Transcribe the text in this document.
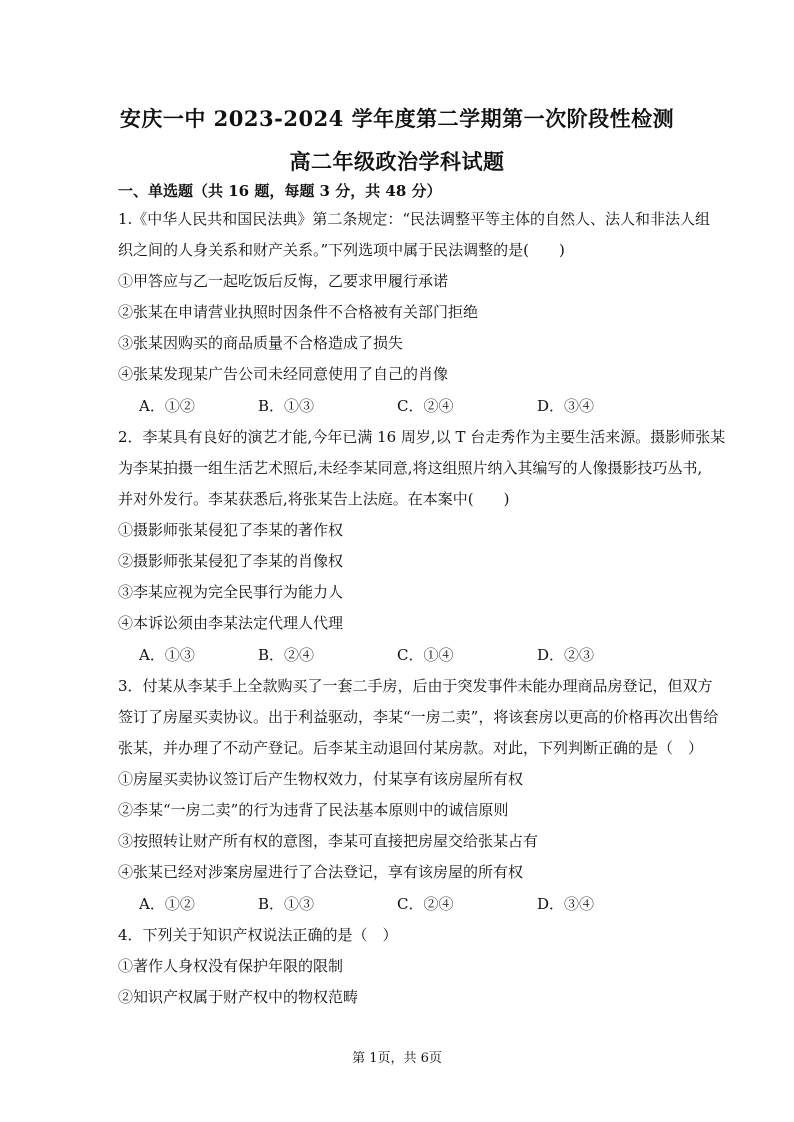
安庆一中 2023-2024 学年度第二学期第一次阶段性检测
高二年级政治学科试题
一、单选题（共 16 题，每题 3 分，共 48 分）
1.《中华人民共和国民法典》第二条规定：“民法调整平等主体的自然人、法人和非法人组
织之间的人身关系和财产关系。”下列选项中属于民法调整的是(　　)
①甲答应与乙一起吃饭后反悔，乙要求甲履行承诺
②张某在申请营业执照时因条件不合格被有关部门拒绝
③张某因购买的商品质量不合格造成了损失
④张某发现某广告公司未经同意使用了自己的肖像
A．①②	B．①③	C．②④	D．③④
2．李某具有良好的演艺才能,今年已满 16 周岁,以 T 台走秀作为主要生活来源。摄影师张某
为李某拍摄一组生活艺术照后,未经李某同意,将这组照片纳入其编写的人像摄影技巧丛书,
并对外发行。李某获悉后,将张某告上法庭。在本案中(　　)
①摄影师张某侵犯了李某的著作权
②摄影师张某侵犯了李某的肖像权
③李某应视为完全民事行为能力人
④本诉讼须由李某法定代理人代理
A．①③	B．②④	C．①④	D．②③
3．付某从李某手上全款购买了一套二手房，后由于突发事件未能办理商品房登记，但双方
签订了房屋买卖协议。出于利益驱动，李某“一房二卖”，将该套房以更高的价格再次出售给
张某，并办理了不动产登记。后李某主动退回付某房款。对此，下列判断正确的是（　）
①房屋买卖协议签订后产生物权效力，付某享有该房屋所有权
②李某“一房二卖”的行为违背了民法基本原则中的诚信原则
③按照转让财产所有权的意图，李某可直接把房屋交给张某占有
④张某已经对涉案房屋进行了合法登记，享有该房屋的所有权
A．①②	B．①③	C．②④	D．③④
4．下列关于知识产权说法正确的是（　）
①著作人身权没有保护年限的限制
②知识产权属于财产权中的物权范畴
第 1页，共 6页
